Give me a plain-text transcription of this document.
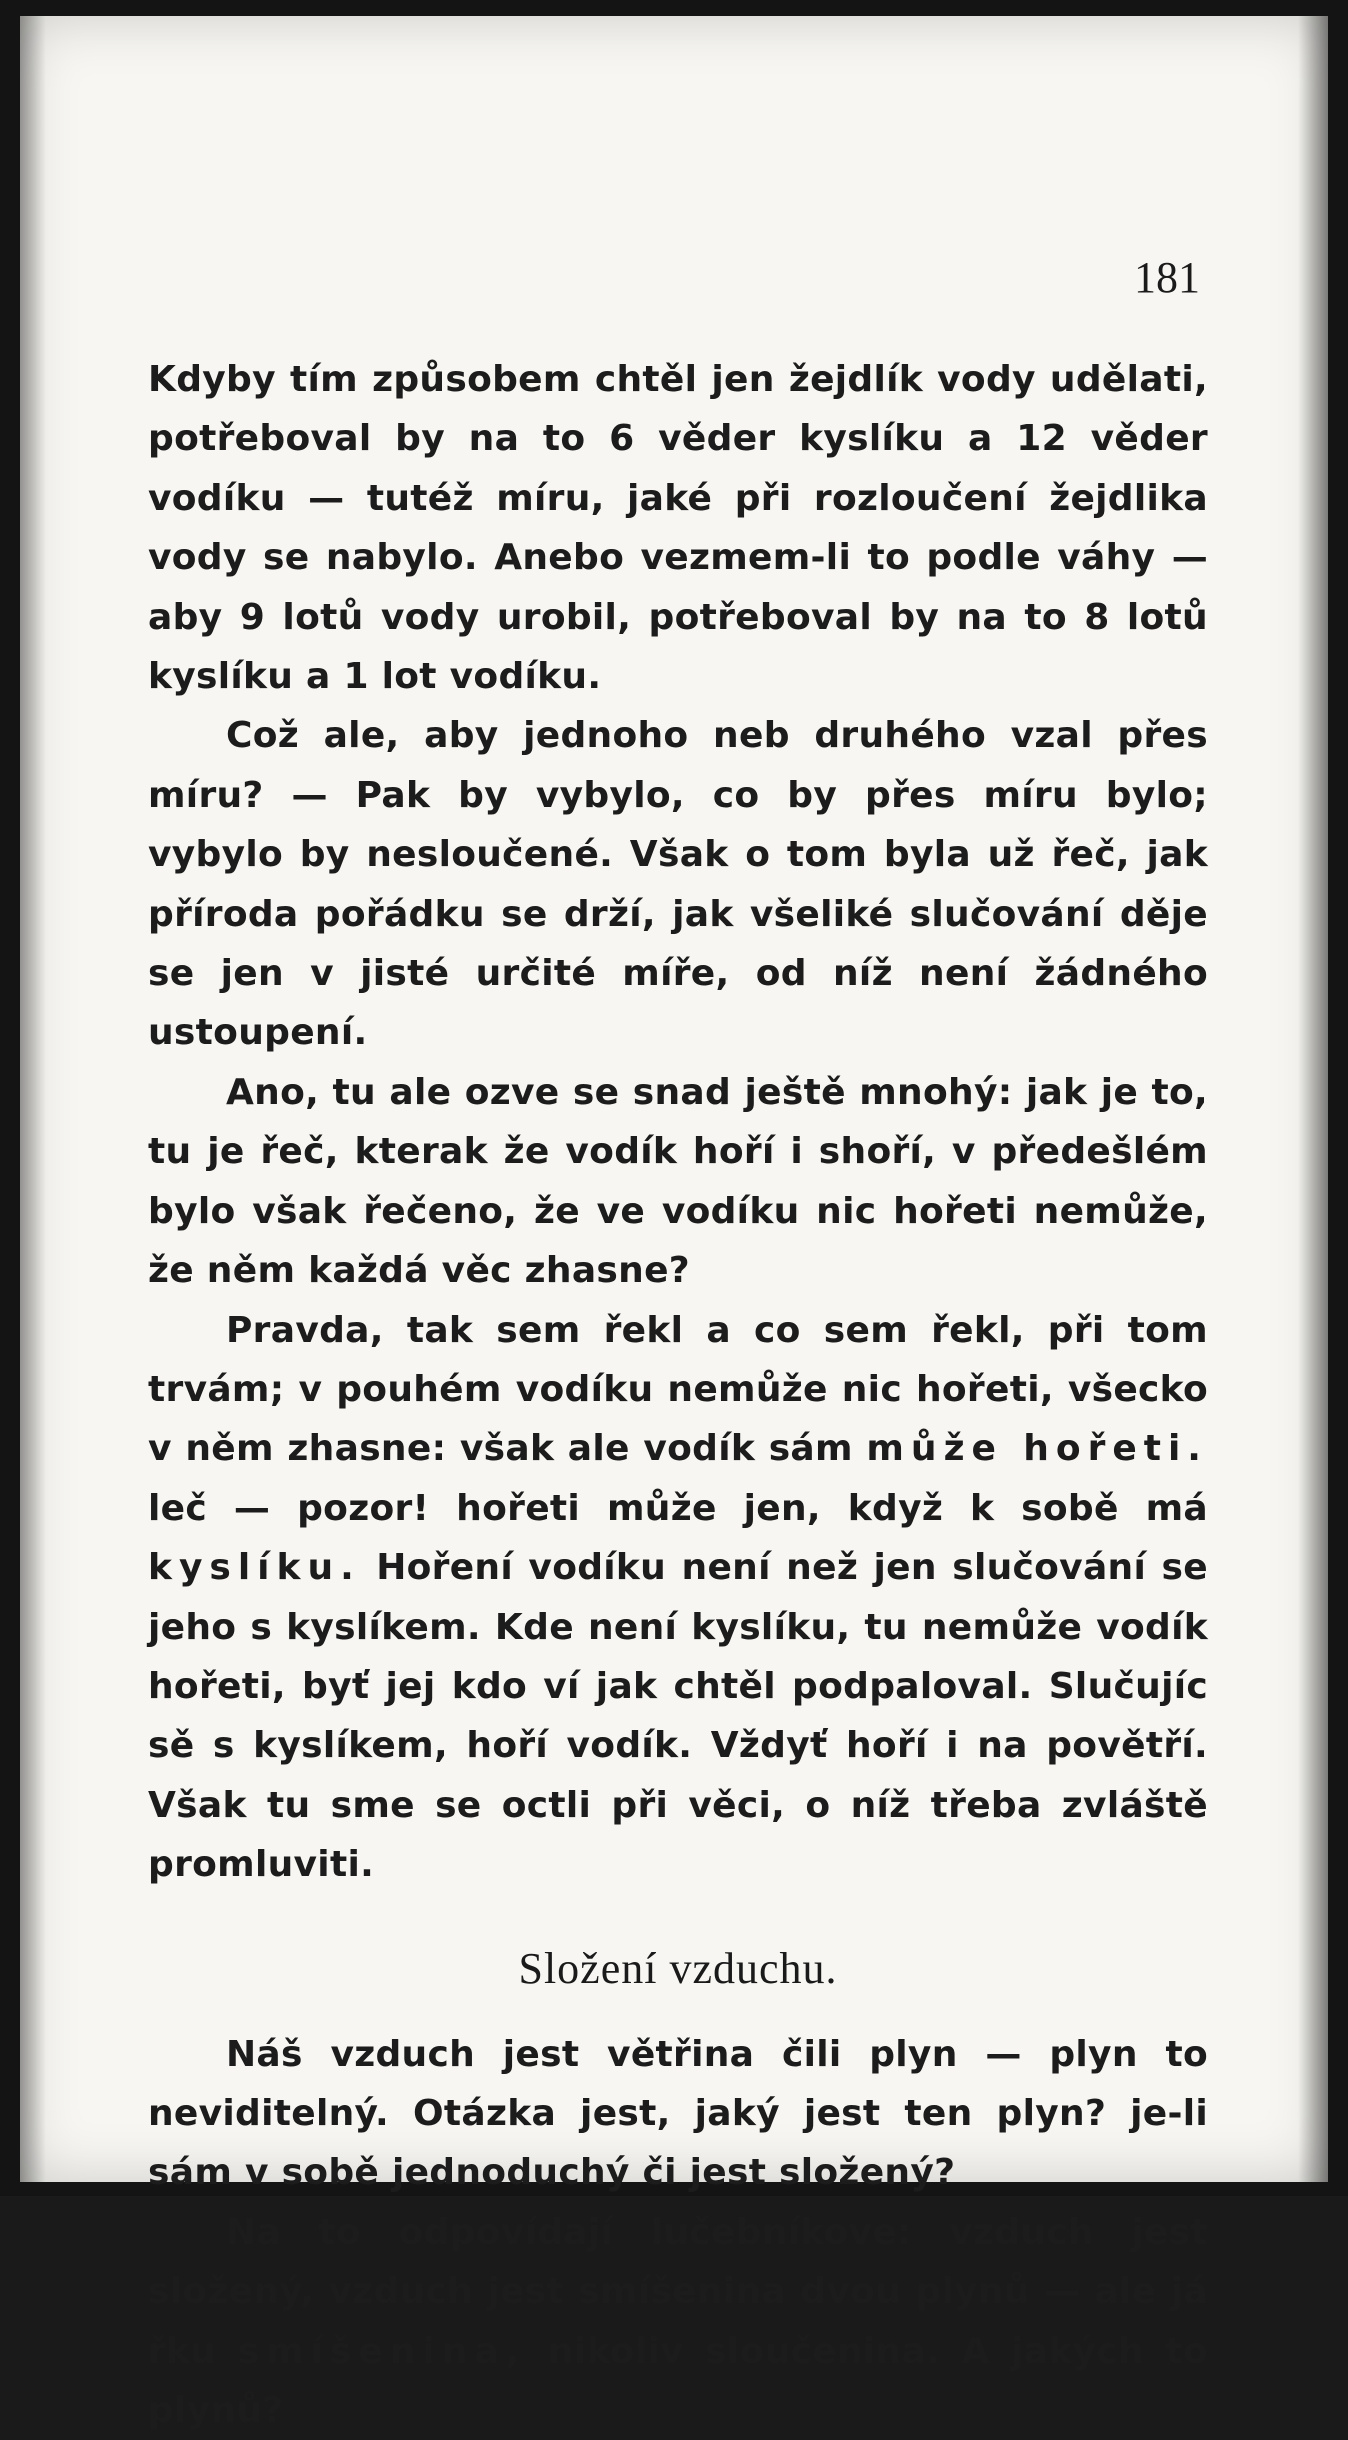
181

Kdyby tím způsobem chtěl jen žejdlík vody udělati, potřeboval by na to 6 věder kyslíku a 12 věder vodíku — tutéž míru, jaké při rozloučení žejdlika vody se nabylo. Anebo vezmem-li to podle váhy — aby 9 lotů vody urobil, potřeboval by na to 8 lotů kyslíku a 1 lot vodíku.

Což ale, aby jednoho neb druhého vzal přes míru? — Pak by vybylo, co by přes míru bylo; vybylo by nesloučené. Však o tom byla už řeč, jak příroda pořádku se drží, jak všeliké slučování děje se jen v jisté určité míře, od níž není žádného ustoupení.

Ano, tu ale ozve se snad ještě mnohý: jak je to, tu je řeč, kterak že vodík hoří i shoří, v předešlém bylo však řečeno, že ve vodíku nic hořeti nemůže, že něm každá věc zhasne?

Pravda, tak sem řekl a co sem řekl, při tom trvám; v pouhém vodíku nemůže nic hořeti, všecko v něm zhasne: však ale vodík sám může hořeti. leč — pozor! hořeti může jen, když k sobě má kyslíku. Hoření vodíku není než jen slučování se jeho s kyslíkem. Kde není kyslíku, tu nemůže vodík hořeti, byť jej kdo ví jak chtěl podpaloval. Slučujíc sě s kyslíkem, hoří vodík. Vždyť hoří i na povětří. Však tu sme se octli při věci, o níž třeba zvláště promluviti.

Složení vzduchu.

Náš vzduch jest větřina čili plyn — plyn to neviditelný. Otázka jest, jaký jest ten plyn? je-li sám v sobě jednoduchý či jest složený?

Na to odpovídají lučebníkove: vzduch jest složený, vzduch jest smíšenina dvou plynů — ale já řku smíšenina, nikoliv sloučenina. A jakých to plynů?
